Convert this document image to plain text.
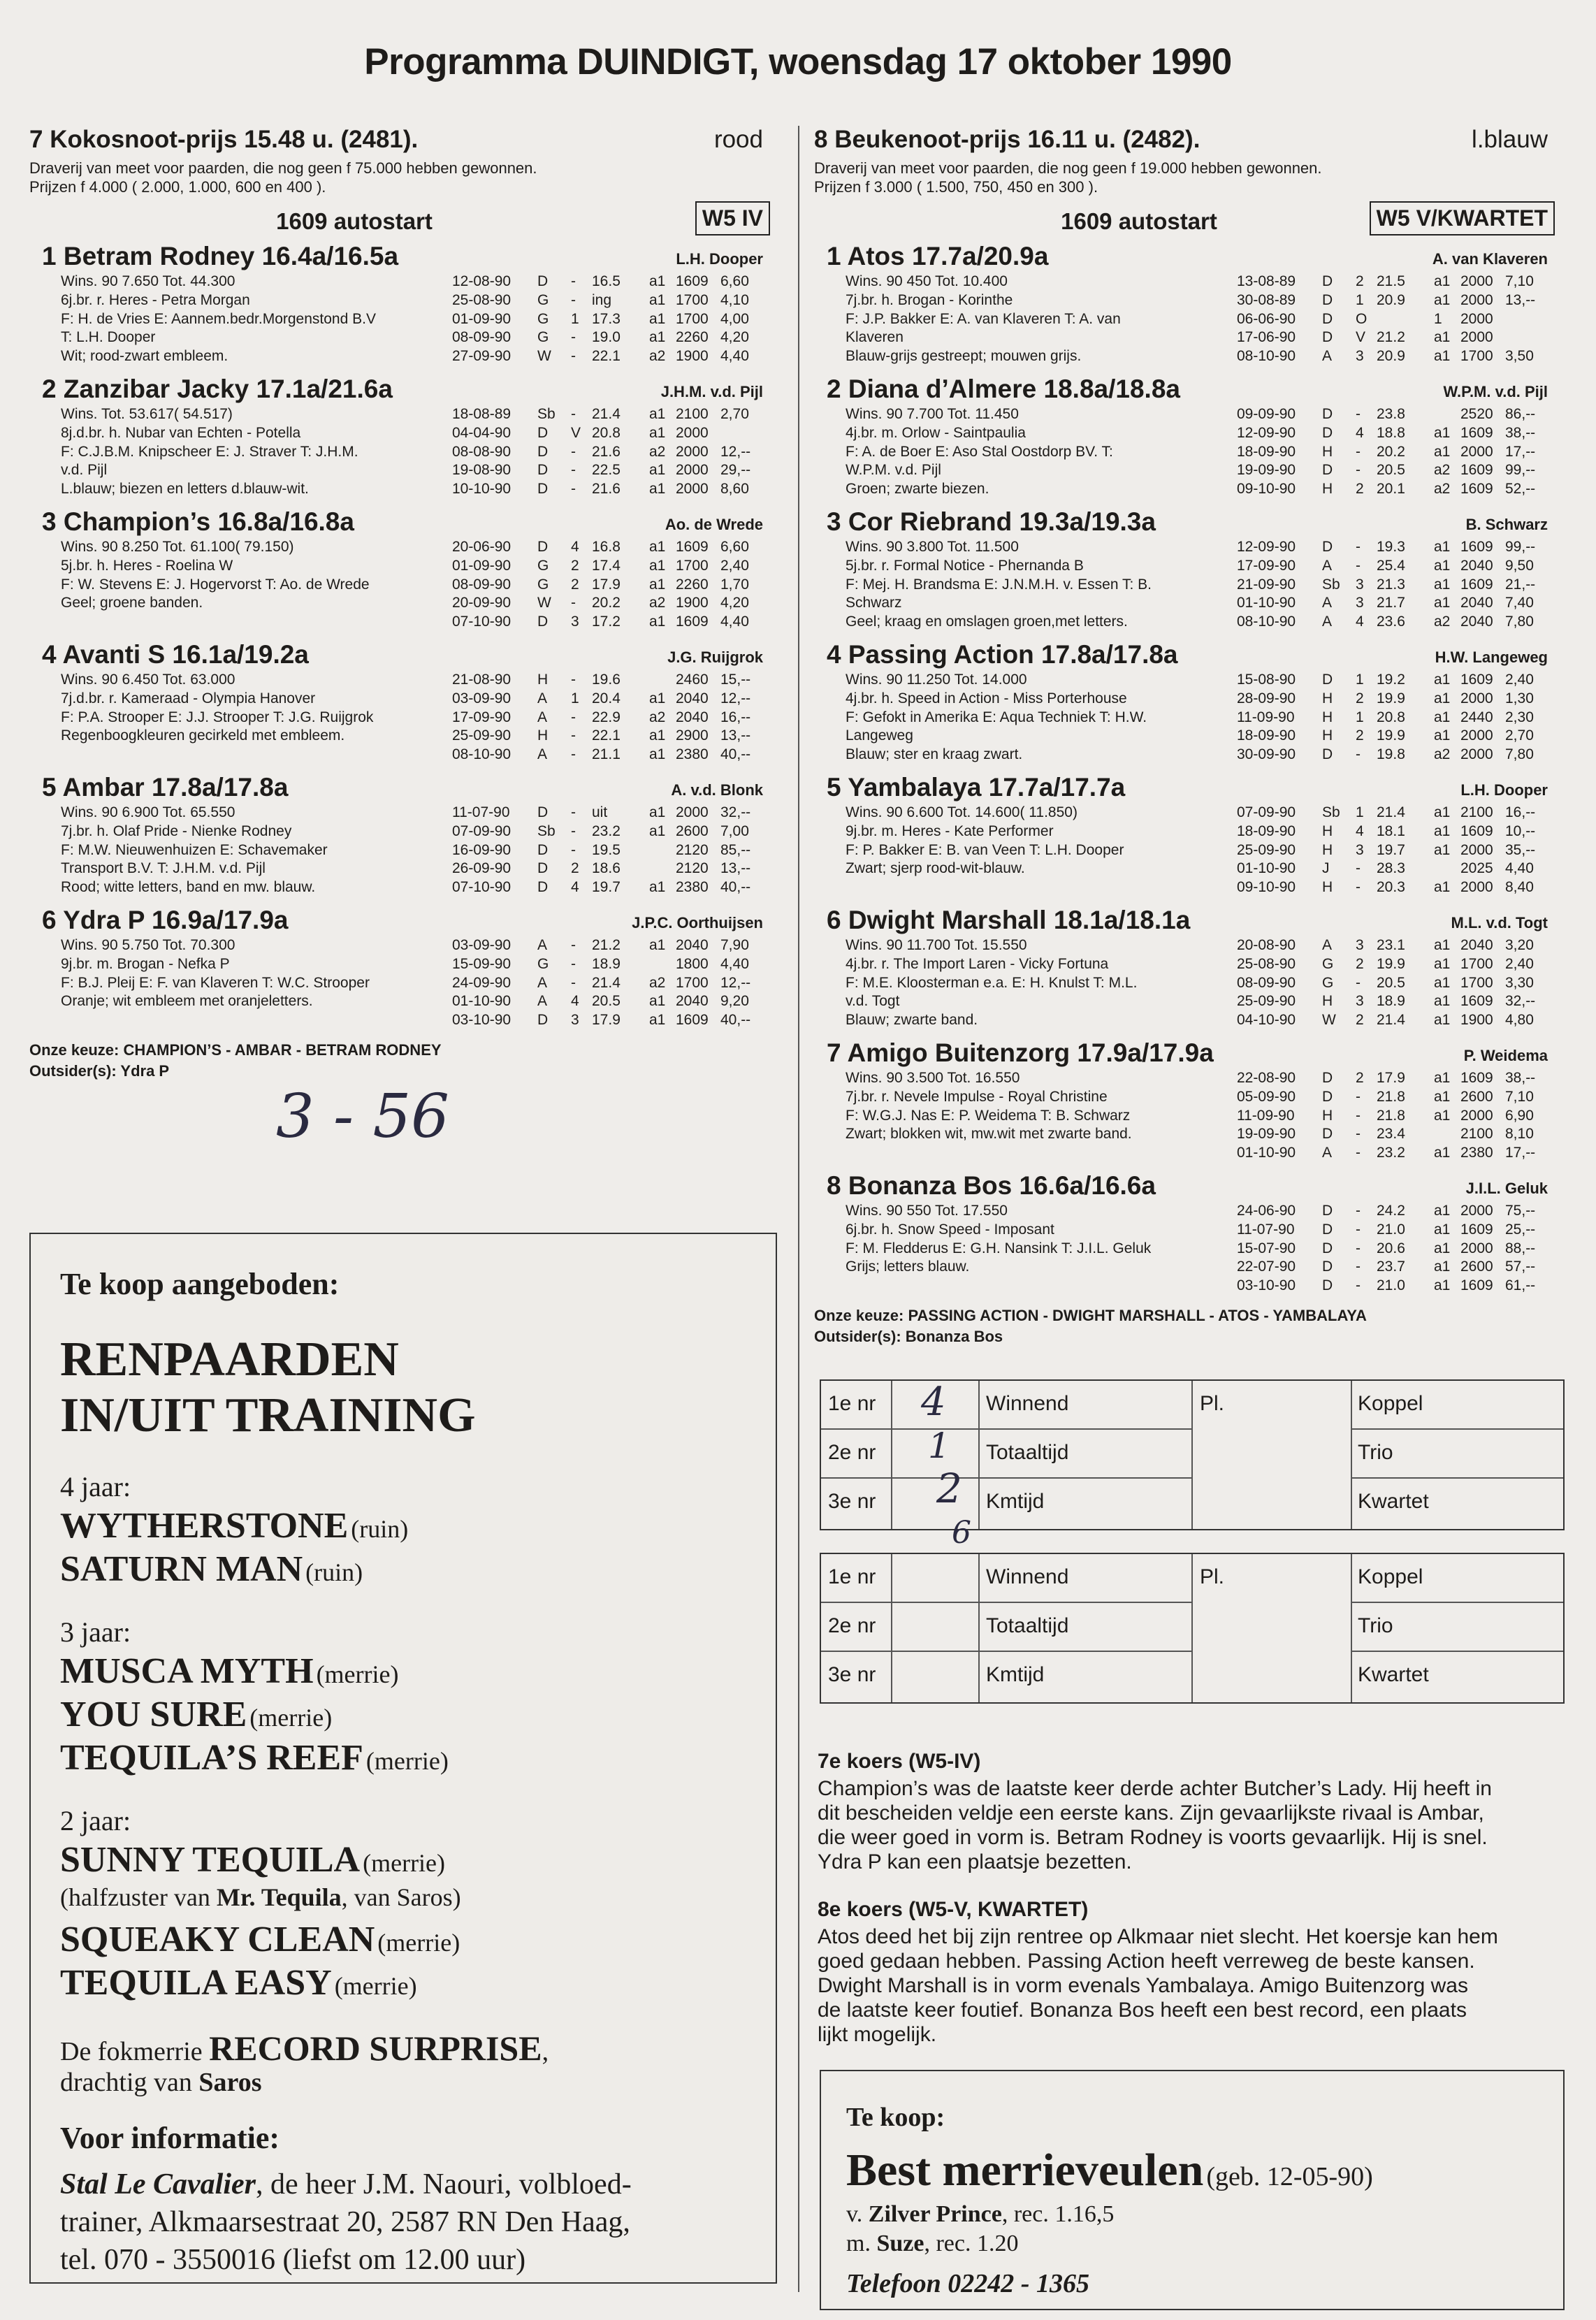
Programma DUINDIGT, woensdag 17 oktober 1990
7 Kokosnoot-prijs 15.48 u. (2481).	rood
Draverij van meet voor paarden, die nog geen f 75.000 hebben gewonnen.
Prijzen f 4.000 ( 2.000, 1.000, 600 en 400 ).
1609 autostart	W5 IV
1 Betram Rodney 16.4a/16.5a	L.H. Dooper
Wins. 90 7.650 Tot. 44.300
6j.br. r. Heres - Petra Morgan
F: H. de Vries E: Aannem.bedr.Morgenstond B.V
T: L.H. Dooper
Wit; rood-zwart embleem.
12-08-90 D - 16.5 a1 1609 6,60
25-08-90 G - ing	a1 1700 4,10
01-09-90 G 1 17.3 a1 1700 4,00
08-09-90 G - 19.0 a1 2260 4,20
27-09-90 W - 22.1 a2 1900 4,40
2 Zanzibar Jacky 17.1a/21.6a	J.H.M. v.d. Pijl
Wins. Tot. 53.617( 54.517)
8j.d.br. h. Nubar van Echten - Potella
F: C.J.B.M. Knipscheer E: J. Straver T: J.H.M.
v.d. Pijl
L.blauw; biezen en letters d.blauw-wit.
18-08-89 Sb - 21.4 a1 2100 2,70
04-04-90 D V 20.8 a1 2000
08-08-90 D - 21.6 a2 2000 12,--
19-08-90 D - 22.5 a1 2000 29,--
10-10-90 D - 21.6 a1 2000 8,60
3 Champion’s 16.8a/16.8a	Ao. de Wrede
Wins. 90 8.250 Tot. 61.100( 79.150)
5j.br. h. Heres - Roelina W
F: W. Stevens E: J. Hogervorst T: Ao. de Wrede
Geel; groene banden.
20-06-90 D 4 16.8 a1 1609 6,60
01-09-90 G 2 17.4 a1 1700 2,40
08-09-90 G 2 17.9 a1 2260 1,70
20-09-90 W - 20.2 a2 1900 4,20
07-10-90 D 3 17.2 a1 1609 4,40
4 Avanti S 16.1a/19.2a	J.G. Ruijgrok
Wins. 90 6.450 Tot. 63.000
7j.d.br. r. Kameraad - Olympia Hanover
F: P.A. Strooper E: J.J. Strooper T: J.G. Ruijgrok
Regenboogkleuren gecirkeld met embleem.
21-08-90 H - 19.6	2460 15,--
03-09-90 A 1 20.4 a1 2040 12,--
17-09-90 A - 22.9 a2 2040 16,--
25-09-90 H - 22.1 a1 2900 13,--
08-10-90 A - 21.1 a1 2380 40,--
5 Ambar 17.8a/17.8a	A. v.d. Blonk
Wins. 90 6.900 Tot. 65.550
7j.br. h. Olaf Pride - Nienke Rodney
F: M.W. Nieuwenhuizen E: Schavemaker
Transport B.V. T: J.H.M. v.d. Pijl
Rood; witte letters, band en mw. blauw.
11-07-90 D - uit	a1 2000 32,--
07-09-90 Sb - 23.2 a1 2600 7,00
16-09-90 D - 19.5	2120 85,--
26-09-90 D 2 18.6	2120 13,--
07-10-90 D 4 19.7 a1 2380 40,--
6 Ydra P 16.9a/17.9a	J.P.C. Oorthuijsen
Wins. 90 5.750 Tot. 70.300
9j.br. m. Brogan - Nefka P
F: B.J. Pleij E: F. van Klaveren T: W.C. Strooper
Oranje; wit embleem met oranjeletters.
03-09-90 A - 21.2 a1 2040 7,90
15-09-90 G - 18.9	1800 4,40
24-09-90 A - 21.4 a2 1700 12,--
01-10-90 A 4 20.5 a1 2040 9,20
03-10-90 D 3 17.9 a1 1609 40,--
Onze keuze: CHAMPION’S - AMBAR - BETRAM RODNEY
Outsider(s): Ydra P
8 Beukenoot-prijs 16.11 u. (2482).	l.blauw
Draverij van meet voor paarden, die nog geen f 19.000 hebben gewonnen.
Prijzen f 3.000 ( 1.500, 750, 450 en 300 ).
1609 autostart	W5 V/KWARTET
1 Atos 17.7a/20.9a	A. van Klaveren
Wins. 90 450 Tot. 10.400
7j.br. h. Brogan - Korinthe
F: J.P. Bakker E: A. van Klaveren T: A. van
Klaveren
Blauw-grijs gestreept; mouwen grijs.
13-08-89 D 2 21.5 a1 2000 7,10
30-08-89 D 1 20.9 a1 2000 13,--
06-06-90 D O	1 2000
17-06-90 D V 21.2 a1 2000
08-10-90 A 3 20.9 a1 1700 3,50
2 Diana d’Almere 18.8a/18.8a	W.P.M. v.d. Pijl
Wins. 90 7.700 Tot. 11.450
4j.br. m. Orlow - Saintpaulia
F: A. de Boer E: Aso Stal Oostdorp BV. T:
W.P.M. v.d. Pijl
Groen; zwarte biezen.
09-09-90 D - 23.8	2520 86,--
12-09-90 D 4 18.8 a1 1609 38,--
18-09-90 H - 20.2 a1 2000 17,--
19-09-90 D - 20.5 a2 1609 99,--
09-10-90 H 2 20.1 a2 1609 52,--
3 Cor Riebrand 19.3a/19.3a	B. Schwarz
Wins. 90 3.800 Tot. 11.500
5j.br. r. Formal Notice - Phernanda B
F: Mej. H. Brandsma E: J.N.M.H. v. Essen T: B.
Schwarz
Geel; kraag en omslagen groen,met letters.
12-09-90 D - 19.3 a1 1609 99,--
17-09-90 A - 25.4 a1 2040 9,50
21-09-90 Sb 3 21.3 a1 1609 21,--
01-10-90 A 3 21.7 a1 2040 7,40
08-10-90 A 4 23.6 a2 2040 7,80
4 Passing Action 17.8a/17.8a	H.W. Langeweg
Wins. 90 11.250 Tot. 14.000
4j.br. h. Speed in Action - Miss Porterhouse
F: Gefokt in Amerika E: Aqua Techniek T: H.W.
Langeweg
Blauw; ster en kraag zwart.
15-08-90 D 1 19.2 a1 1609 2,40
28-09-90 H 2 19.9 a1 2000 1,30
11-09-90 H 1 20.8 a1 2440 2,30
18-09-90 H 2 19.9 a1 2000 2,70
30-09-90 D - 19.8 a2 2000 7,80
5 Yambalaya 17.7a/17.7a	L.H. Dooper
Wins. 90 6.600 Tot. 14.600( 11.850)
9j.br. m. Heres - Kate Performer
F: P. Bakker E: B. van Veen T: L.H. Dooper
Zwart; sjerp rood-wit-blauw.
07-09-90 Sb 1 21.4 a1 2100 16,--
18-09-90 H 4 18.1 a1 1609 10,--
25-09-90 H 3 19.7 a1 2000 35,--
01-10-90 J - 28.3	2025 4,40
09-10-90 H - 20.3 a1 2000 8,40
6 Dwight Marshall 18.1a/18.1a	M.L. v.d. Togt
Wins. 90 11.700 Tot. 15.550
4j.br. r. The Import Laren - Vicky Fortuna
F: M.E. Kloosterman e.a. E: H. Knulst T: M.L.
v.d. Togt
Blauw; zwarte band.
20-08-90 A 3 23.1 a1 2040 3,20
25-08-90 G 2 19.9 a1 1700 2,40
08-09-90 G - 20.5 a1 1700 3,30
25-09-90 H 3 18.9 a1 1609 32,--
04-10-90 W 2 21.4 a1 1900 4,80
7 Amigo Buitenzorg 17.9a/17.9a	P. Weidema
Wins. 90 3.500 Tot. 16.550
7j.br. r. Nevele Impulse - Royal Christine
F: W.G.J. Nas E: P. Weidema T: B. Schwarz
Zwart; blokken wit, mw.wit met zwarte band.
22-08-90 D 2 17.9 a1 1609 38,--
05-09-90 D - 21.8 a1 2600 7,10
11-09-90 H - 21.8 a1 2000 6,90
19-09-90 D - 23.4	2100 8,10
01-10-90 A - 23.2 a1 2380 17,--
8 Bonanza Bos 16.6a/16.6a	J.I.L. Geluk
Wins. 90 550 Tot. 17.550
6j.br. h. Snow Speed - Imposant
F: M. Fledderus E: G.H. Nansink T: J.I.L. Geluk
Grijs; letters blauw.
24-06-90 D - 24.2 a1 2000 75,--
11-07-90 D - 21.0 a1 1609 25,--
15-07-90 D - 20.6 a1 2000 88,--
22-07-90 D - 23.7 a1 2600 57,--
03-10-90 D - 21.0 a1 1609 61,--
Onze keuze: PASSING ACTION - DWIGHT MARSHALL - ATOS - YAMBALAYA
Outsider(s): Bonanza Bos
3 - 56
Te koop aangeboden:
RENPAARDEN
IN/UIT TRAINING
4 jaar:
WYTHERSTONE (ruin)
SATURN MAN (ruin)
3 jaar:
MUSCA MYTH (merrie)
YOU SURE (merrie)
TEQUILA’S REEF (merrie)
2 jaar:
SUNNY TEQUILA (merrie)
(halfzuster van Mr. Tequila, van Saros)
SQUEAKY CLEAN (merrie)
TEQUILA EASY (merrie)
De fokmerrie RECORD SURPRISE,
drachtig van Saros
Voor informatie:
Stal Le Cavalier, de heer J.M. Naouri, volbloed-
trainer, Alkmaarsestraat 20, 2587 RN Den Haag,
tel. 070 - 3550016 (liefst om 12.00 uur)
1e nr	Winnend	Koppel
2e nr	Totaaltijd	Trio
3e nr	Kmtijd	Kwartet
Pl.
1e nr	Winnend	Koppel
2e nr	Totaaltijd	Trio
3e nr	Kmtijd	Kwartet
Pl.
4
1
2
6
7e koers (W5-IV)
Champion’s was de laatste keer derde achter Butcher’s Lady. Hij heeft in
dit bescheiden veldje een eerste kans. Zijn gevaarlijkste rivaal is Ambar,
die weer goed in vorm is. Betram Rodney is voorts gevaarlijk. Hij is snel.
Ydra P kan een plaatsje bezetten.
8e koers (W5-V, KWARTET)
Atos deed het bij zijn rentree op Alkmaar niet slecht. Het koersje kan hem
goed gedaan hebben. Passing Action heeft verreweg de beste kansen.
Dwight Marshall is in vorm evenals Yambalaya. Amigo Buitenzorg was
de laatste keer foutief. Bonanza Bos heeft een best record, een plaats
lijkt mogelijk.
Te koop:
Best merrieveulen (geb. 12-05-90)
v. Zilver Prince, rec. 1.16,5
m. Suze, rec. 1.20
Telefoon 02242 - 1365
